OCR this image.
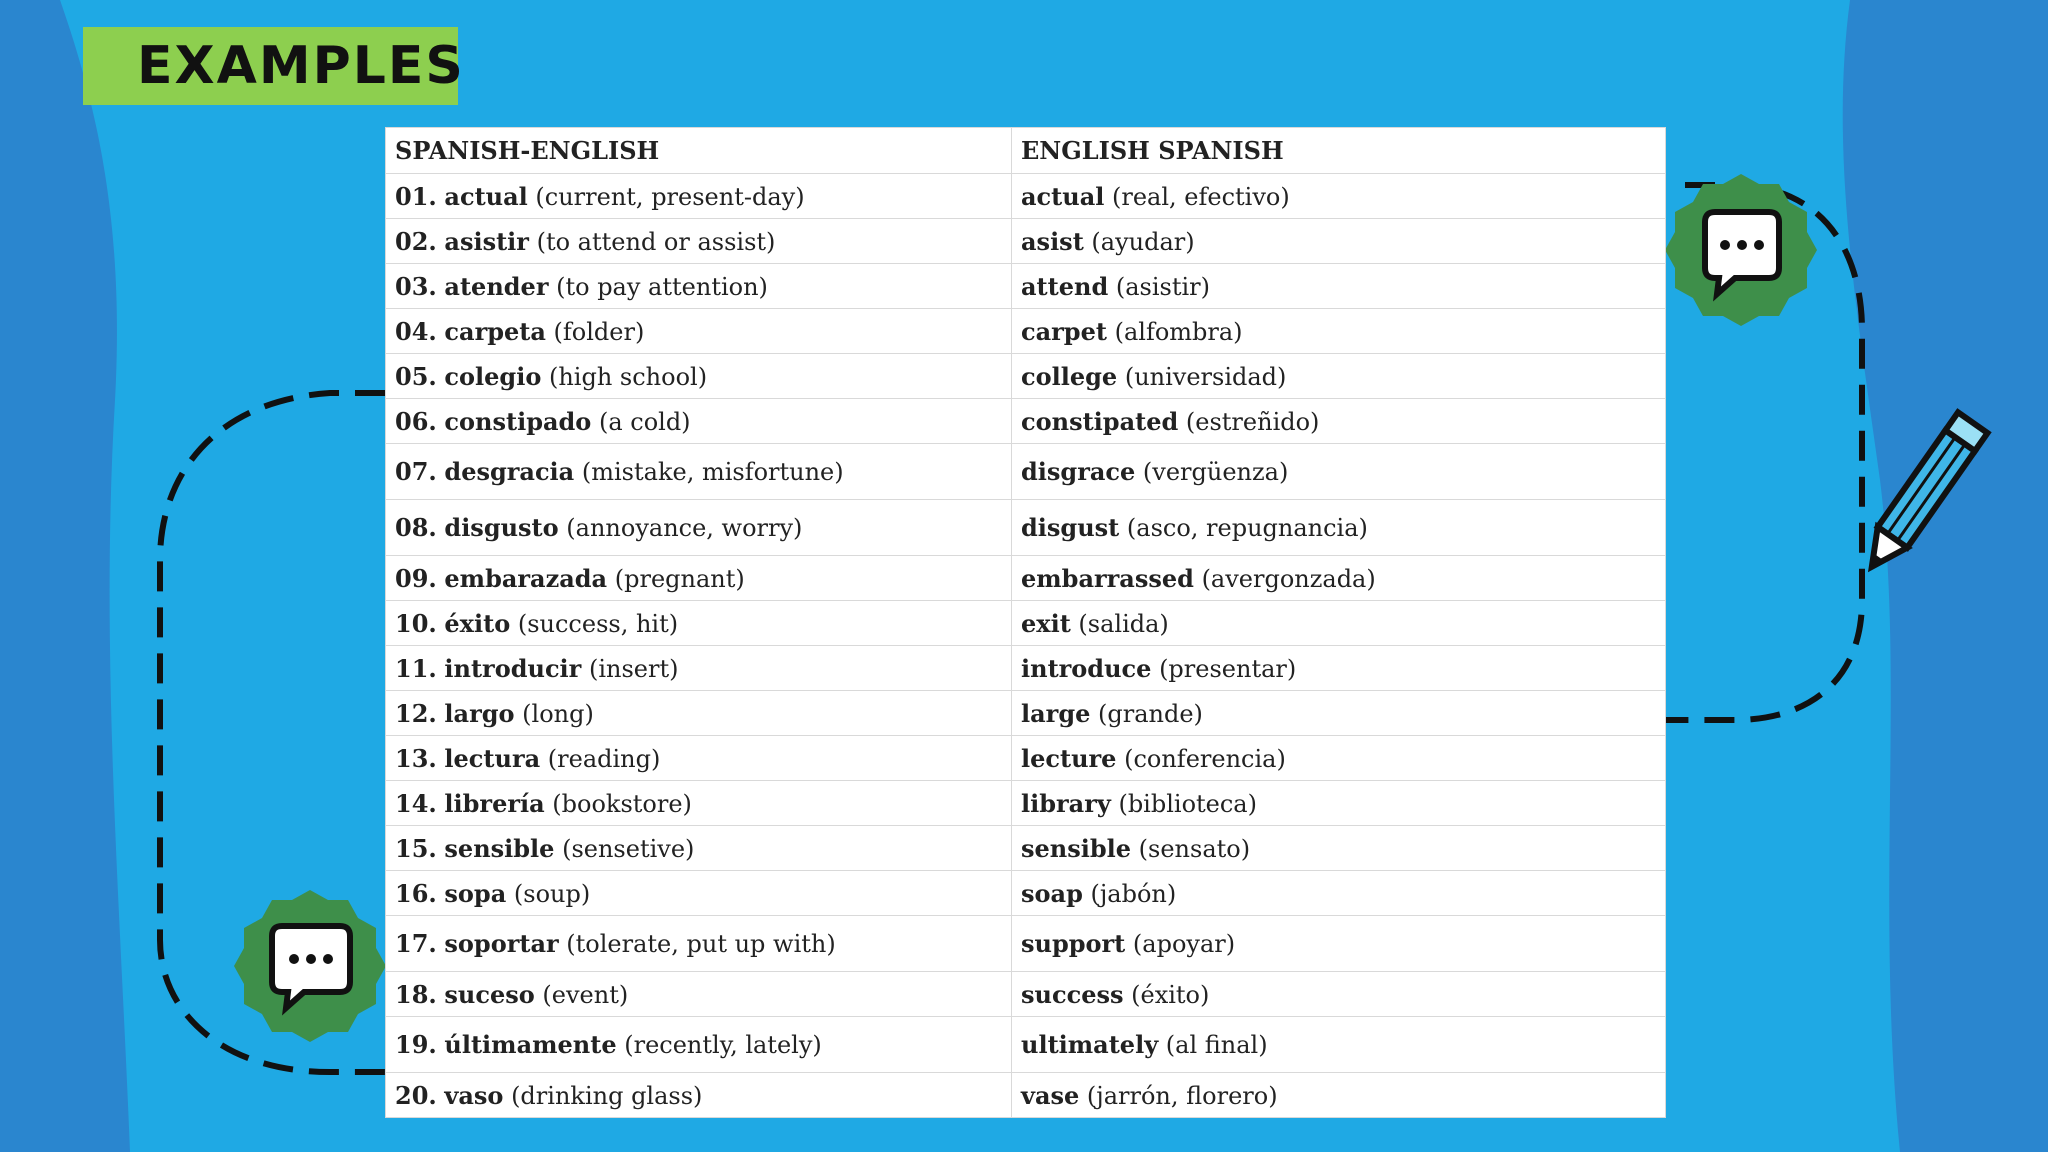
EXAMPLES
SPANISH-ENGLISH	ENGLISH SPANISH
01. actual (current, present-day)	actual (real, efectivo)
02. asistir (to attend or assist)	asist (ayudar)
03. atender (to pay attention)	attend (asistir)
04. carpeta (folder)	carpet (alfombra)
05. colegio (high school)	college (universidad)
06. constipado (a cold)	constipated (estreñido)
07. desgracia (mistake, misfortune)	disgrace (vergüenza)
08. disgusto (annoyance, worry)	disgust (asco, repugnancia)
09. embarazada (pregnant)	embarrassed (avergonzada)
10. éxito (success, hit)	exit (salida)
11. introducir (insert)	introduce (presentar)
12. largo (long)	large (grande)
13. lectura (reading)	lecture (conferencia)
14. librería (bookstore)	library (biblioteca)
15. sensible (sensetive)	sensible (sensato)
16. sopa (soup)	soap (jabón)
17. soportar (tolerate, put up with)	support (apoyar)
18. suceso (event)	success (éxito)
19. últimamente (recently, lately)	ultimately (al final)
20. vaso (drinking glass)	vase (jarrón, florero)
